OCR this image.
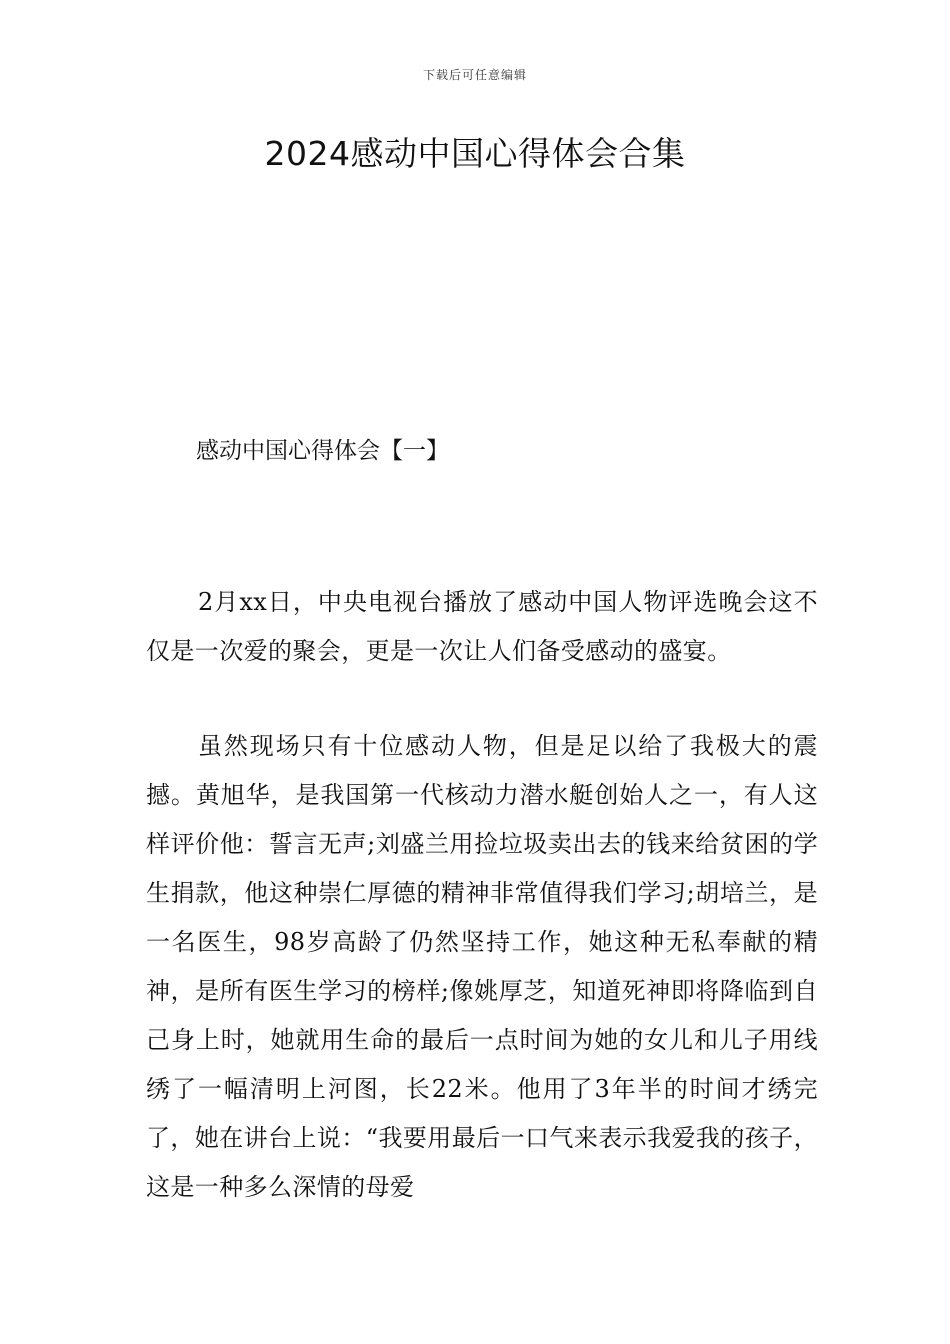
下载后可任意编辑
2024感动中国心得体会合集
感动中国心得体会【一】

2月xx日，中央电视台播放了感动中国人物评选晚会这不仅是一次爱的聚会，更是一次让人们备受感动的盛宴。

虽然现场只有十位感动人物，但是足以给了我极大的震撼。黄旭华，是我国第一代核动力潜水艇创始人之一，有人这样评价他：誓言无声;刘盛兰用捡垃圾卖出去的钱来给贫困的学生捐款，他这种崇仁厚德的精神非常值得我们学习;胡培兰，是一名医生，98岁高龄了仍然坚持工作，她这种无私奉献的精神，是所有医生学习的榜样;像姚厚芝，知道死神即将降临到自己身上时，她就用生命的最后一点时间为她的女儿和儿子用线绣了一幅清明上河图，长22米。他用了3年半的时间才绣完了，她在讲台上说：“我要用最后一口气来表示我爱我的孩子，这是一种多么深情的母爱
